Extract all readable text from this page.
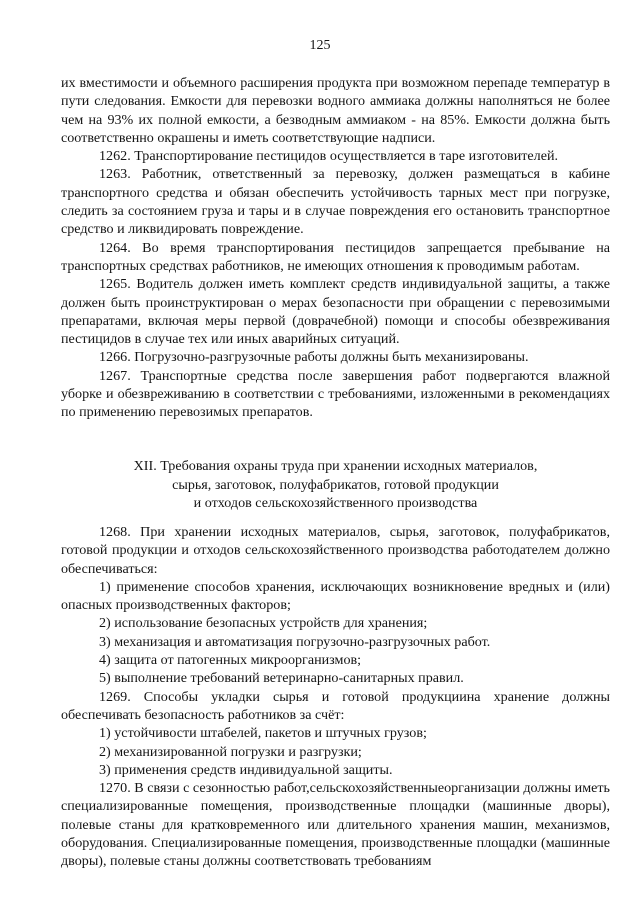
125

их вместимости и объемного расширения продукта при возможном перепаде температур в пути следования. Емкости для перевозки водного аммиака должны наполняться не более чем на 93% их полной емкости, а безводным аммиаком - на 85%. Емкости должна быть соответственно окрашены и иметь соответствующие надписи.

1262. Транспортирование пестицидов осуществляется в таре изготовителей.

1263. Работник, ответственный за перевозку, должен размещаться в кабине транспортного средства и обязан обеспечить устойчивость тарных мест при погрузке, следить за состоянием груза и тары и в случае повреждения его остановить транспортное средство и ликвидировать повреждение.

1264. Во время транспортирования пестицидов запрещается пребывание на транспортных средствах работников, не имеющих отношения к проводимым работам.

1265. Водитель должен иметь комплект средств индивидуальной защиты, а также должен быть проинструктирован о мерах безопасности при обращении с перевозимыми препаратами, включая меры первой (доврачебной) помощи и способы обезвреживания пестицидов в случае тех или иных аварийных ситуаций.

1266. Погрузочно-разгрузочные работы должны быть механизированы.

1267. Транспортные средства после завершения работ подвергаются влажной уборке и обезвреживанию в соответствии с требованиями, изложенными в рекомендациях по применению перевозимых препаратов.

XII. Требования охраны труда при хранении исходных материалов,
сырья, заготовок, полуфабрикатов, готовой продукции
и отходов сельскохозяйственного производства

1268. При хранении исходных материалов, сырья, заготовок, полуфабрикатов, готовой продукции и отходов сельскохозяйственного производства работодателем должно обеспечиваться:

1) применение способов хранения, исключающих возникновение вредных и (или) опасных производственных факторов;

2) использование безопасных устройств для хранения;

3) механизация и автоматизация погрузочно-разгрузочных работ.

4) защита от патогенных микроорганизмов;

5) выполнение требований ветеринарно-санитарных правил.

1269. Способы укладки сырья и готовой продукциина хранение должны обеспечивать безопасность работников за счёт:

1) устойчивости штабелей, пакетов и штучных грузов;

2) механизированной погрузки и разгрузки;

3) применения средств индивидуальной защиты.

1270. В связи с сезонностью работ,сельскохозяйственныеорганизации должны иметь специализированные помещения, производственные площадки (машинные дворы), полевые станы для кратковременного или длительного хранения машин, механизмов, оборудования. Специализированные помещения, производственные площадки (машинные дворы), полевые станы должны соответствовать требованиям
